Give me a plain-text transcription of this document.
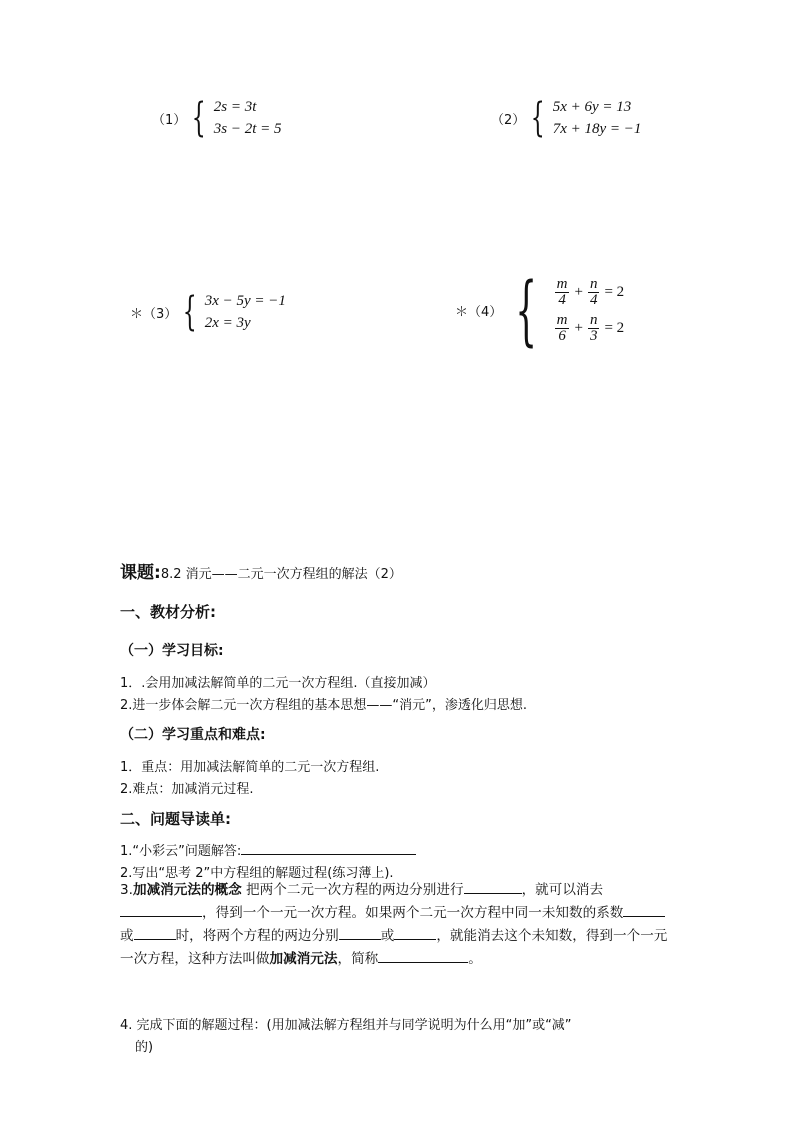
（1） { 2s = 3t
3s − 2t = 5
（2） { 5x + 6y = 13
7x + 18y = −1
＊（3） { 3x − 5y = −1
2x = 3y
＊（4） { $\frac{m}{4} + \frac{n}{4} = 2$
$\frac{m}{6} + \frac{n}{3} = 2$
课题:8.2 消元——二元一次方程组的解法（2）
一、教材分析:
（一）学习目标:
1．.会用加减法解简单的二元一次方程组.（直接加减）
2.进一步体会解二元一次方程组的基本思想——“消元”，渗透化归思想.
（二）学习重点和难点:
1．重点：用加减法解简单的二元一次方程组.
2.难点：加减消元过程.
二、问题导读单:
1.“小彩云”问题解答:
2.写出“思考 2”中方程组的解题过程(练习薄上).
3.加减消元法的概念 把两个二元一次方程的两边分别进行	，就可以消去，得到一个一元一次方程。如果两个二元一次方程中同一未知数的系数或	时，将两个方程的两边分别	或	，就能消去这个未知数，得到一个一元一次方程，这种方法叫做加减消元法，简称	。
4. 完成下面的解题过程：(用加减法解方程组并与同学说明为什么用“加”或“减”
的)
